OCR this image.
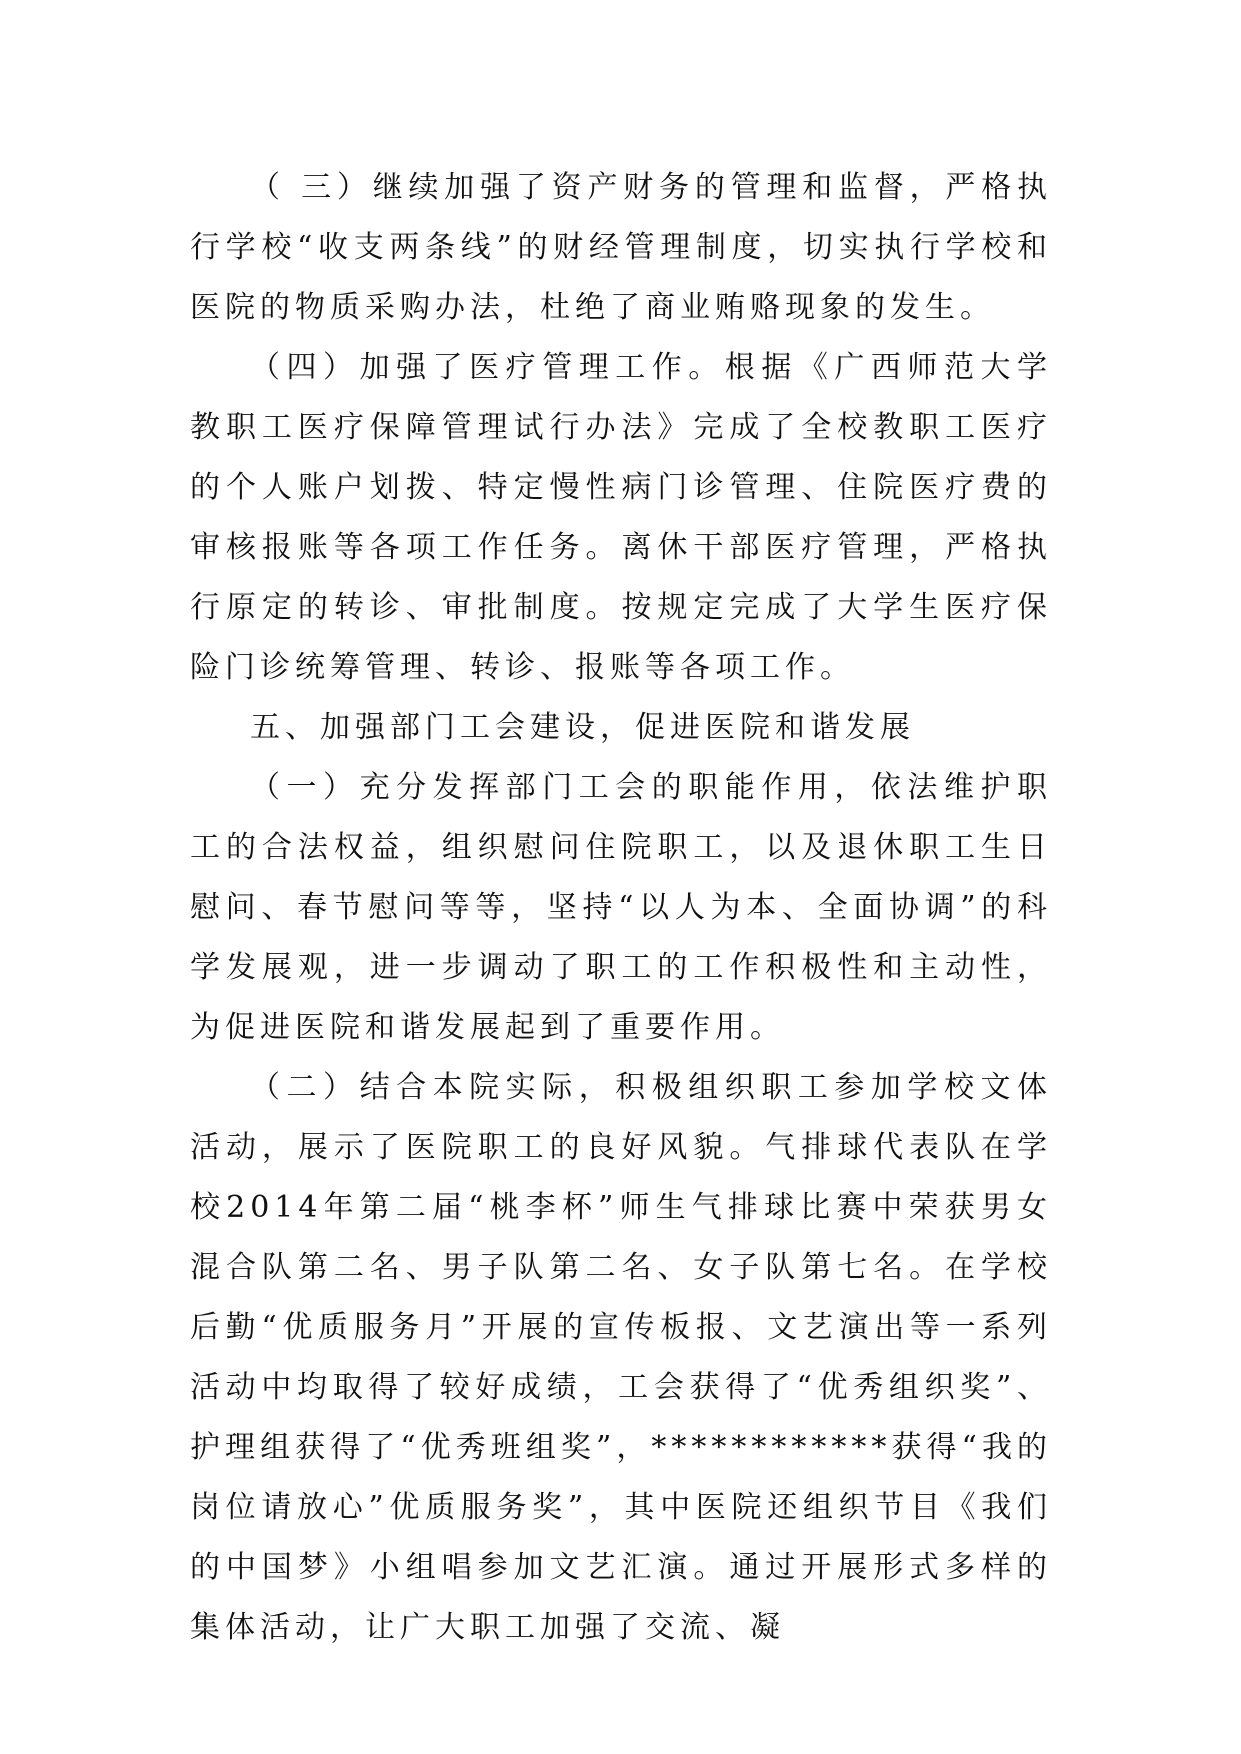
（ 三）继续加强了资产财务的管理和监督，严格执行学校“收支两条线”的财经管理制度，切实执行学校和医院的物质采购办法，杜绝了商业贿赂现象的发生。

（四）加强了医疗管理工作。根据《广西师范大学教职工医疗保障管理试行办法》完成了全校教职工医疗的个人账户划拨、特定慢性病门诊管理、住院医疗费的审核报账等各项工作任务。离休干部医疗管理，严格执行原定的转诊、审批制度。按规定完成了大学生医疗保险门诊统筹管理、转诊、报账等各项工作。

五、加强部门工会建设，促进医院和谐发展

（一）充分发挥部门工会的职能作用，依法维护职工的合法权益，组织慰问住院职工，以及退休职工生日慰问、春节慰问等等，坚持“以人为本、全面协调”的科学发展观，进一步调动了职工的工作积极性和主动性，为促进医院和谐发展起到了重要作用。

（二）结合本院实际，积极组织职工参加学校文体活动，展示了医院职工的良好风貌。气排球代表队在学校2014年第二届“桃李杯”师生气排球比赛中荣获男女混合队第二名、男子队第二名、女子队第七名。在学校后勤“优质服务月”开展的宣传板报、文艺演出等一系列活动中均取得了较好成绩，工会获得了“优秀组织奖”、护理组获得了“优秀班组奖”，************获得“我的岗位请放心”优质服务奖”，其中医院还组织节目《我们的中国梦》小组唱参加文艺汇演。通过开展形式多样的集体活动，让广大职工加强了交流、凝
